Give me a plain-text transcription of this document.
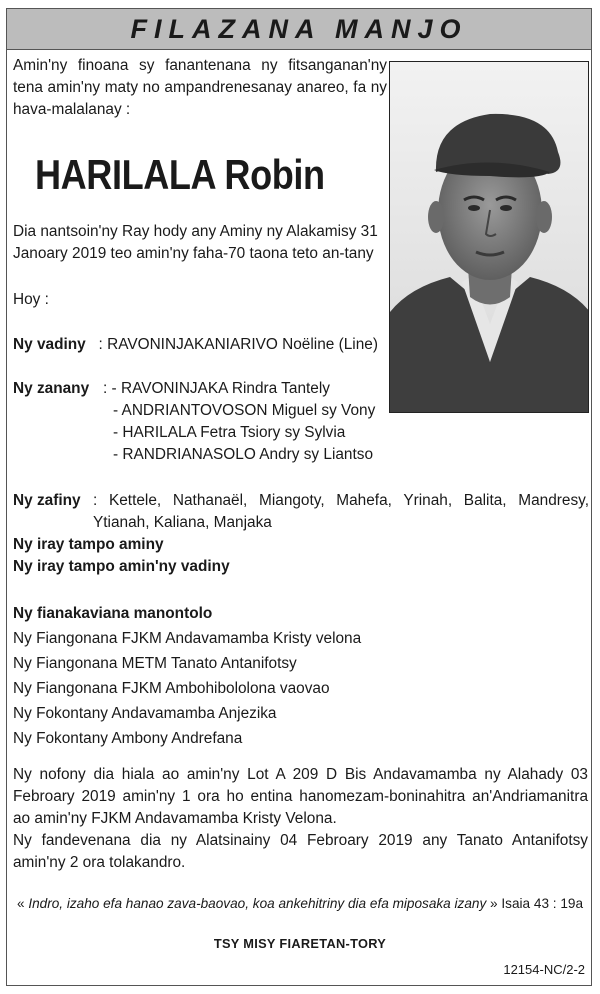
FILAZANA MANJO
Amin'ny finoana sy fanantenana ny fitsanganan'ny tena amin'ny maty no ampandrenesanay anareo, fa ny hava-malalanay :
HARILALA Robin
Dia nantsoin'ny Ray hody any Aminy ny Alakamisy 31 Janoary 2019 teo amin'ny faha-70 taona teto an-tany
Hoy :
Ny vadiny : RAVONINJAKANIARIVO Noëline (Line)
Ny zanany : - RAVONINJAKA Rindra Tantely
- ANDRIANTOVOSON Miguel sy Vony
- HARILALA Fetra Tsiory sy Sylvia
- RANDRIANASOLO Andry sy Liantso
Ny zafiny : Kettele, Nathanaël, Miangoty, Mahefa, Yrinah, Balita, Mandresy, Ytianah, Kaliana, Manjaka
Ny iray tampo aminy
Ny iray tampo amin'ny vadiny
Ny fianakaviana manontolo
Ny Fiangonana FJKM Andavamamba Kristy velona
Ny Fiangonana METM Tanato Antanifotsy
Ny Fiangonana FJKM Ambohibololona vaovao
Ny Fokontany Andavamamba Anjezika
Ny Fokontany Ambony Andrefana
Ny nofony dia hiala ao amin'ny Lot A 209 D Bis Andavamamba ny Alahady 03 Febroary 2019 amin'ny 1 ora ho entina hanomezam-boninahitra an'Andriamanitra ao amin'ny FJKM Andavamamba Kristy Velona.
Ny fandevenana dia ny Alatsinainy 04 Febroary 2019 any Tanato Antanifotsy amin'ny 2 ora tolakandro.
« Indro, izaho efa hanao zava-baovao, koa ankehitriny dia efa miposaka izany » Isaia 43 : 19a
TSY MISY FIARETAN-TORY
12154-NC/2-2
